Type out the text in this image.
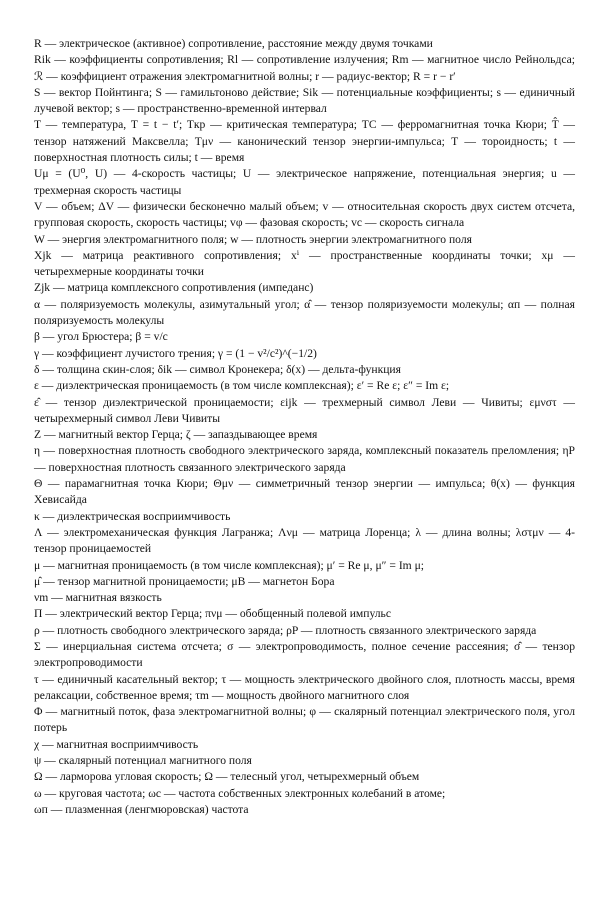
R — электрическое (активное) сопротивление, расстояние между двумя точками

Rik — коэффициенты сопротивления; Rl — сопротивление излучения; Rm — магнитное число Рейнольдса; ℛ — коэффициент отражения электромагнитной волны; r — радиус-вектор; R = r − r′

S — вектор Пойнтинга; S — гамильтоново действие; Sik — потенциальные коэффициенты; s — единичный лучевой вектор; s — пространственно-временной интервал

T — температура, T = t − t′; Tкр — критическая температура; TC — ферромагнитная точка Кюри; T̂ — тензор натяжений Максвелла; Tμν — канонический тензор энергии-импульса; T — тороидность; t — поверхностная плотность силы; t — время

Uμ = (U⁰, U) — 4-скорость частицы; U — электрическое напряжение, потенциальная энергия; u — трехмерная скорость частицы

V — объем; ΔV — физически бесконечно малый объем; v — относительная скорость двух систем отсчета, групповая скорость, скорость частицы; vφ — фазовая скорость; vс — скорость сигнала

W — энергия электромагнитного поля; w — плотность энергии электромагнитного поля

Xjk — матрица реактивного сопротивления; xⁱ — пространственные координаты точки; xμ — четырехмерные координаты точки

Zjk — матрица комплексного сопротивления (импеданс)

α — поляризуемость молекулы, азимутальный угол; α̂ — тензор поляризуемости молекулы; αп — полная поляризуемость молекулы

β — угол Брюстера; β = v/c

γ — коэффициент лучистого трения; γ = (1 − v²/c²)^(−1/2)

δ — толщина скин-слоя; δik — символ Кронекера; δ(x) — дельта-функция

ε — диэлектрическая проницаемость (в том числе комплексная); ε′ = Re ε; ε″ = Im ε;

ε̂ — тензор диэлектрической проницаемости; εijk — трехмерный символ Леви — Чивиты; εμνστ — четырехмерный символ Леви Чивиты

Z — магнитный вектор Герца; ζ — запаздывающее время

η — поверхностная плотность свободного электрического заряда, комплексный показатель преломления; ηP — поверхностная плотность связанного электрического заряда

Θ — парамагнитная точка Кюри; Θμν — симметричный тензор энергии — импульса; θ(x) — функция Хевисайда

κ — диэлектрическая восприимчивость

Λ — электромеханическая функция Лагранжа; Λνμ — матрица Лоренца; λ — длина волны; λστμν — 4-тензор проницаемостей

μ — магнитная проницаемость (в том числе комплексная); μ′ = Re μ, μ″ = Im μ;

μ̂ — тензор магнитной проницаемости; μB — магнетон Бора

νm — магнитная вязкость

Π — электрический вектор Герца; πνμ — обобщенный полевой импульс

ρ — плотность свободного электрического заряда; ρP — плотность связанного электрического заряда

Σ — инерциальная система отсчета; σ — электропроводимость, полное сечение рассеяния; σ̂ — тензор электропроводимости

τ — единичный касательный вектор; τ — мощность электрического двойного слоя, плотность массы, время релаксации, собственное время; τm — мощность двойного магнитного слоя

Φ — магнитный поток, фаза электромагнитной волны; φ — скалярный потенциал электрического поля, угол потерь

χ — магнитная восприимчивость

ψ — скалярный потенциал магнитного поля

Ω — ларморова угловая скорость; Ω — телесный угол, четырехмерный объем

ω — круговая частота; ωс — частота собственных электронных колебаний в атоме;

ωп — плазменная (ленгмюровская) частота
